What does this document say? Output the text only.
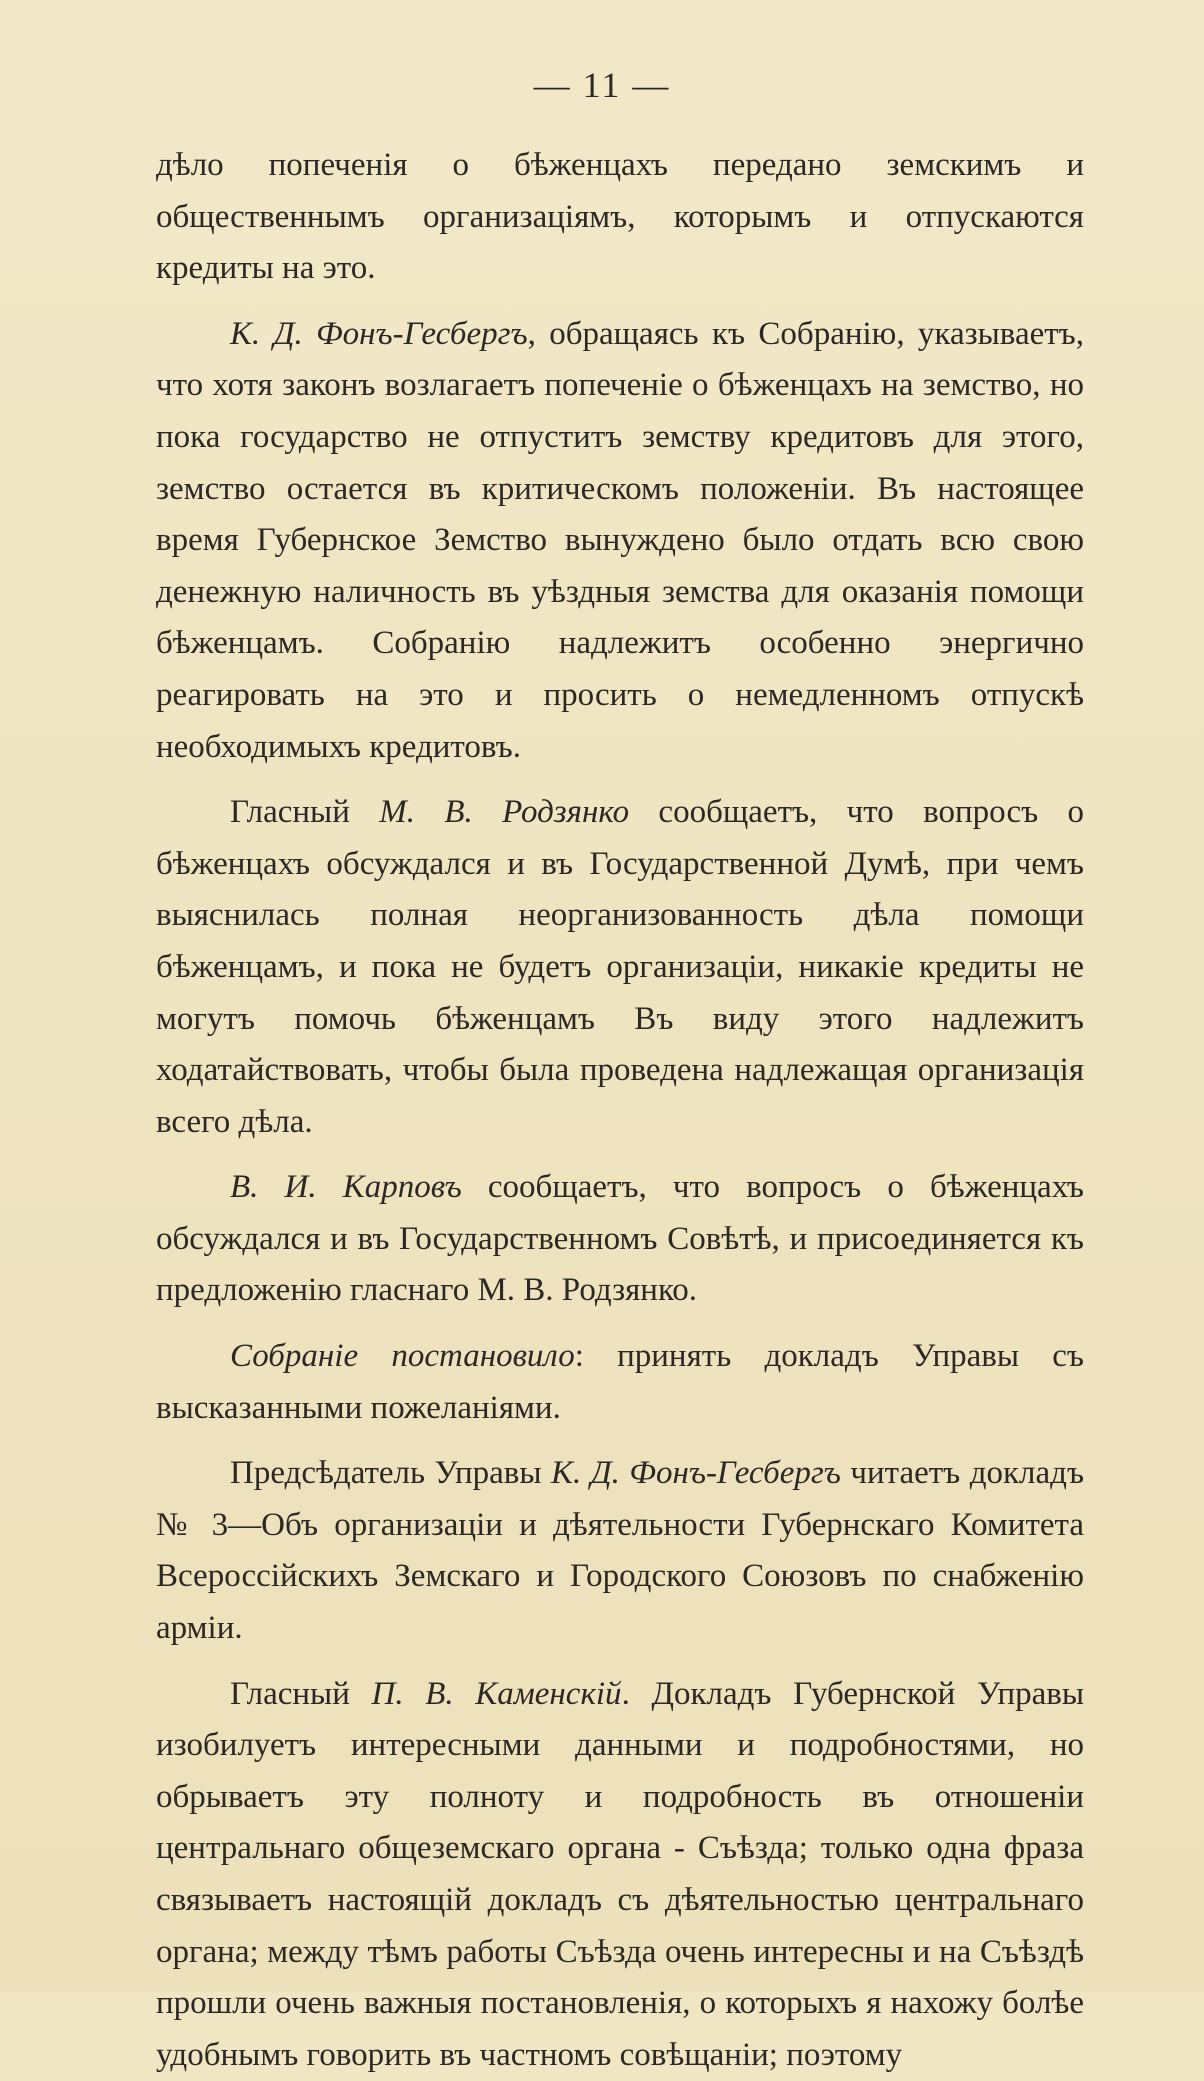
— 11 —

дѣло попеченія о бѣженцахъ передано земскимъ и общественнымъ организаціямъ, которымъ и отпускаются кредиты на это.

К. Д. Фонъ-Гесбергъ, обращаясь къ Собранію, указываетъ, что хотя законъ возлагаетъ попеченіе о бѣженцахъ на земство, но пока государство не отпуститъ земству кредитовъ для этого, земство остается въ критическомъ положеніи. Въ настоящее время Губернское Земство вынуждено было отдать всю свою денежную наличность въ уѣздныя земства для оказанія помощи бѣженцамъ. Собранію надлежитъ особенно энергично реагировать на это и просить о немедленномъ отпускѣ необходимыхъ кредитовъ.

Гласный М. В. Родзянко сообщаетъ, что вопросъ о бѣженцахъ обсуждался и въ Государственной Думѣ, при чемъ выяснилась полная неорганизованность дѣла помощи бѣженцамъ, и пока не будетъ организаціи, никакіе кредиты не могутъ помочь бѣженцамъ Въ виду этого надлежитъ ходатайствовать, чтобы была проведена надлежащая организація всего дѣла.

В. И. Карповъ сообщаетъ, что вопросъ о бѣженцахъ обсуждался и въ Государственномъ Совѣтѣ, и присоединяется къ предложенію гласнаго М. В. Родзянко.

Собраніе постановило: принять докладъ Управы съ высказанными пожеланіями.

Предсѣдатель Управы К. Д. Фонъ-Гесбергъ читаетъ докладъ № 3—Объ организаціи и дѣятельности Губернскаго Комитета Всероссійскихъ Земскаго и Городского Союзовъ по снабженію арміи.

Гласный П. В. Каменскій. Докладъ Губернской Управы изобилуетъ интересными данными и подробностями, но обрываетъ эту полноту и подробность въ отношеніи центральнаго общеземскаго органа - Съѣзда; только одна фраза связываетъ настоящій докладъ съ дѣятельностью центральнаго органа; между тѣмъ работы Съѣзда очень интересны и на Съѣздѣ прошли очень важныя постановленія, о которыхъ я нахожу болѣе удобнымъ говорить въ частномъ совѣщаніи; поэтому
